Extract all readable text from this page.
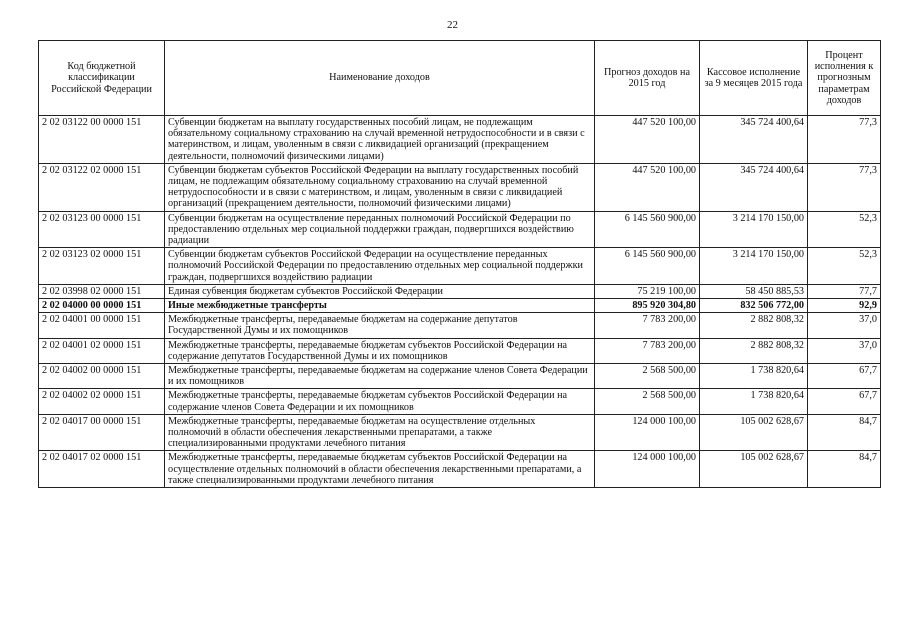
22
Код бюджетной классификации Российской Федерации	Наименование доходов	Прогноз доходов на 2015 год	Кассовое исполнение за 9 месяцев 2015 года	Процент исполнения к прогнозным параметрам доходов
2 02 03122 00 0000 151	Субвенции бюджетам на выплату государственных пособий лицам, не подлежащим обязательному социальному страхованию на случай временной нетрудоспособности и в связи с материнством, и лицам, уволенным в связи с ликвидацией организаций (прекращением деятельности, полномочий физическими лицами)	447 520 100,00	345 724 400,64	77,3
2 02 03122 02 0000 151	Субвенции бюджетам субъектов Российской Федерации на выплату государственных пособий лицам, не подлежащим обязательному социальному страхованию на случай временной нетрудоспособности и в связи с материнством, и лицам, уволенным в связи с ликвидацией организаций (прекращением деятельности, полномочий физическими лицами)	447 520 100,00	345 724 400,64	77,3
2 02 03123 00 0000 151	Субвенции бюджетам на осуществление переданных полномочий Российской Федерации по предоставлению отдельных мер социальной поддержки граждан, подвергшихся воздействию радиации	6 145 560 900,00	3 214 170 150,00	52,3
2 02 03123 02 0000 151	Субвенции бюджетам субъектов Российской Федерации на осуществление переданных полномочий Российской Федерации по предоставлению отдельных мер социальной поддержки граждан, подвергшихся воздействию радиации	6 145 560 900,00	3 214 170 150,00	52,3
2 02 03998 02 0000 151	Единая субвенция бюджетам субъектов Российской Федерации	75 219 100,00	58 450 885,53	77,7
2 02 04000 00 0000 151	Иные межбюджетные трансферты	895 920 304,80	832 506 772,00	92,9
2 02 04001 00 0000 151	Межбюджетные трансферты, передаваемые бюджетам на содержание депутатов Государственной Думы и их помощников	7 783 200,00	2 882 808,32	37,0
2 02 04001 02 0000 151	Межбюджетные трансферты, передаваемые бюджетам субъектов Российской Федерации на содержание депутатов Государственной Думы и их помощников	7 783 200,00	2 882 808,32	37,0
2 02 04002 00 0000 151	Межбюджетные трансферты, передаваемые бюджетам на содержание членов Совета Федерации и их помощников	2 568 500,00	1 738 820,64	67,7
2 02 04002 02 0000 151	Межбюджетные трансферты, передаваемые бюджетам субъектов Российской Федерации на содержание членов Совета Федерации и их помощников	2 568 500,00	1 738 820,64	67,7
2 02 04017 00 0000 151	Межбюджетные трансферты, передаваемые бюджетам на осуществление отдельных полномочий в области обеспечения лекарственными препаратами, а также специализированными продуктами лечебного питания	124 000 100,00	105 002 628,67	84,7
2 02 04017 02 0000 151	Межбюджетные трансферты, передаваемые бюджетам субъектов Российской Федерации на осуществление отдельных полномочий в области обеспечения лекарственными препаратами, а также специализированными продуктами лечебного питания	124 000 100,00	105 002 628,67	84,7
